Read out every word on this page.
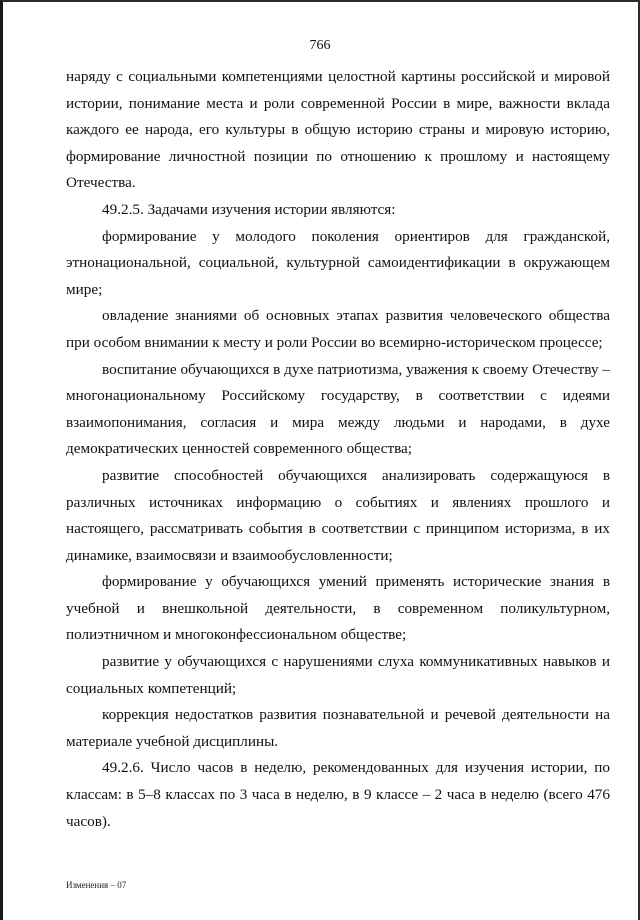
766

наряду с социальными компетенциями целостной картины российской и мировой истории, понимание места и роли современной России в мире, важности вклада каждого ее народа, его культуры в общую историю страны и мировую историю, формирование личностной позиции по отношению к прошлому и настоящему Отечества.

49.2.5. Задачами изучения истории являются:

формирование у молодого поколения ориентиров для гражданской, этнонациональной, социальной, культурной самоидентификации в окружающем мире;

овладение знаниями об основных этапах развития человеческого общества при особом внимании к месту и роли России во всемирно-историческом процессе;

воспитание обучающихся в духе патриотизма, уважения к своему Отечеству – многонациональному Российскому государству, в соответствии с идеями взаимопонимания, согласия и мира между людьми и народами, в духе демократических ценностей современного общества;

развитие способностей обучающихся анализировать содержащуюся в различных источниках информацию о событиях и явлениях прошлого и настоящего, рассматривать события в соответствии с принципом историзма, в их динамике, взаимосвязи и взаимообусловленности;

формирование у обучающихся умений применять исторические знания в учебной и внешкольной деятельности, в современном поликультурном, полиэтничном и многоконфессиональном обществе;

развитие у обучающихся с нарушениями слуха коммуникативных навыков и социальных компетенций;

коррекция недостатков развития познавательной и речевой деятельности на материале учебной дисциплины.

49.2.6. Число часов в неделю, рекомендованных для изучения истории, по классам: в 5–8 классах по 3 часа в неделю, в 9 классе – 2 часа в неделю (всего 476 часов).

Изменения – 07
